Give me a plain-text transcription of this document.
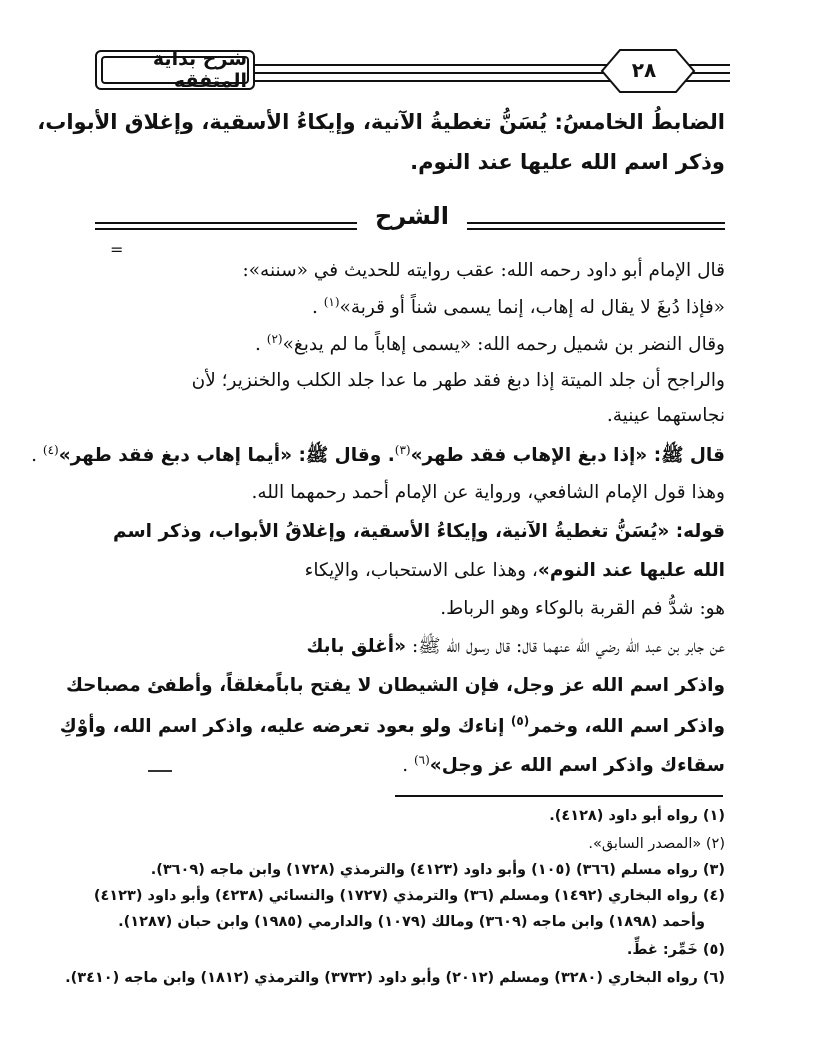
شرح بداية المتفقه	٢٨
الضابطُ الخامسُ: يُسَنُّ تغطيةُ الآنية، وإيكاءُ الأسقية، وإغلاق الأبواب،
وذكر اسم الله عليها عند النوم.
الشرح
=
قال الإمام أبو داود رحمه الله: عقب روايته للحديث في «سننه»:
«فإذا دُبغَ لا يقال له إهاب، إنما يسمى شناً أو قربة»$^{(١)}$ .
وقال النضر بن شميل رحمه الله: «يسمى إهاباً ما لم يدبغ»$^{(٢)}$ .
والراجح أن جلد الميتة إذا دبغ فقد طهر ما عدا جلد الكلب والخنزير؛ لأن
نجاستهما عينية.
قال ﷺ: «إذا دبغ الإهاب فقد طهر»$^{(٣)}$. وقال ﷺ: «أيما إهاب دبغ فقد طهر»$^{(٤)}$ .
وهذا قول الإمام الشافعي، ورواية عن الإمام أحمد رحمهما الله.
قوله: «يُسَنُّ تغطيةُ الآنية، وإيكاءُ الأسقية، وإغلاقُ الأبواب، وذكر اسم
الله عليها عند النوم»، وهذا على الاستحباب، والإيكاء
هو: شدُّ فم القربة بالوكاء وهو الرباط.
عن جابر بن عبد الله رضي الله عنهما قال: قال رسول الله ﷺ: «أغلق بابك
واذكر اسم الله عز وجل، فإن الشيطان لا يفتح باباًمغلقاً، وأطفئ مصباحك
واذكر اسم الله، وخمر$^{(٥)}$ إناءك ولو بعود تعرضه عليه، واذكر اسم الله، وأوْكِ
سقاءك واذكر اسم الله عز وجل»$^{(٦)}$ .
(١) رواه أبو داود (٤١٢٨).
(٢) «المصدر السابق».
(٣) رواه مسلم (٣٦٦) (١٠٥) وأبو داود (٤١٢٣) والترمذي (١٧٢٨) وابن ماجه (٣٦٠٩).
(٤) رواه البخاري (١٤٩٢) ومسلم (٣٦) والترمذي (١٧٢٧) والنسائي (٤٢٣٨) وأبو داود (٤١٢٣)
وأحمد (١٨٩٨) وابن ماجه (٣٦٠٩) ومالك (١٠٧٩) والدارمي (١٩٨٥) وابن حبان (١٢٨٧).
(٥) خَمِّر: غطِّ.
(٦) رواه البخاري (٣٢٨٠) ومسلم (٢٠١٢) وأبو داود (٣٧٣٢) والترمذي (١٨١٢) وابن ماجه (٣٤١٠).
